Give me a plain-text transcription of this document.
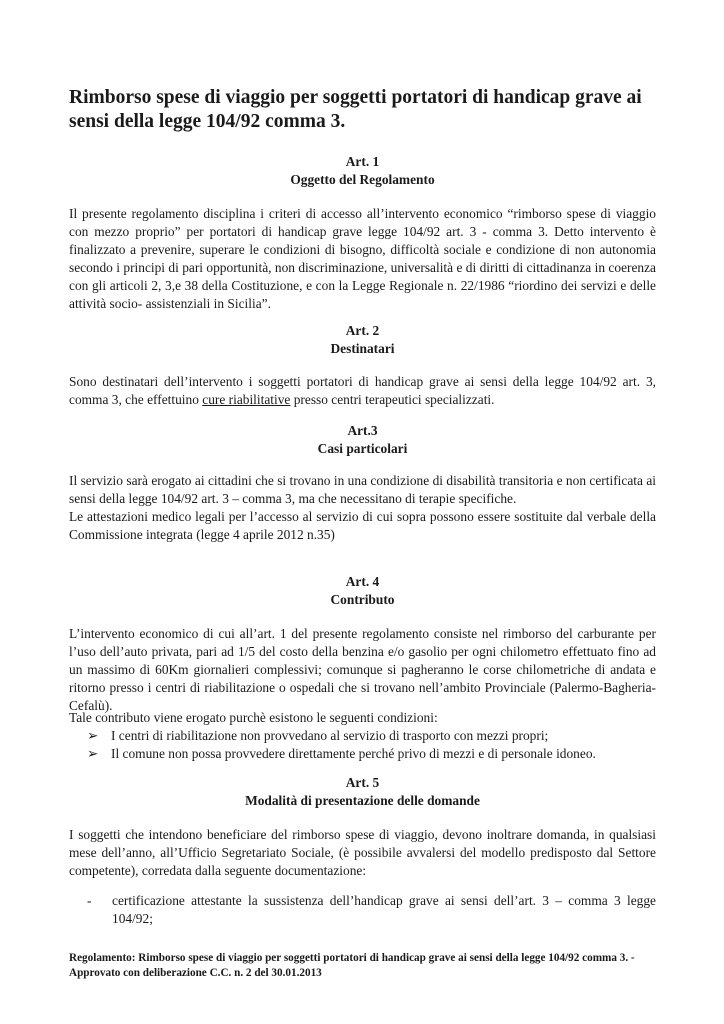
Rimborso spese di viaggio per soggetti portatori di handicap grave ai sensi della legge 104/92 comma 3.
Art. 1
Oggetto del Regolamento

Il presente regolamento disciplina i criteri di accesso all’intervento economico “rimborso spese di viaggio con mezzo proprio” per portatori di handicap grave legge 104/92 art. 3 - comma 3. Detto intervento è finalizzato a prevenire, superare le condizioni di bisogno, difficoltà sociale e condizione di non autonomia secondo i principi di pari opportunità, non discriminazione, universalità e di diritti di cittadinanza in coerenza con gli articoli 2, 3,e 38 della Costituzione, e con la Legge Regionale n. 22/1986 “riordino dei servizi e delle attività socio- assistenziali in Sicilia”.

Art. 2
Destinatari

Sono destinatari dell’intervento i soggetti portatori di handicap grave ai sensi della legge 104/92 art. 3, comma 3, che effettuino cure riabilitative presso centri terapeutici specializzati.

Art.3
Casi particolari

Il servizio sarà erogato ai cittadini che si trovano in una condizione di disabilità transitoria e non certificata ai sensi della legge 104/92 art. 3 – comma 3, ma che necessitano di terapie specifiche.

Le attestazioni medico legali per l’accesso al servizio di cui sopra possono essere sostituite dal verbale della Commissione integrata (legge 4 aprile 2012 n.35)

Art. 4
Contributo

L’intervento economico di cui all’art. 1 del presente regolamento consiste nel rimborso del carburante per l’uso dell’auto privata, pari ad 1/5 del costo della benzina e/o gasolio per ogni chilometro effettuato fino ad un massimo di 60Km giornalieri complessivi; comunque si pagheranno le corse chilometriche di andata e ritorno presso i centri di riabilitazione o ospedali che si trovano nell’ambito Provinciale (Palermo-Bagheria-Cefalù).

Tale contributo viene erogato purchè esistono le seguenti condizioni:

➢ I centri di riabilitazione non provvedano al servizio di trasporto con mezzi propri;
➢ Il comune non possa provvedere direttamente perché privo di mezzi e di personale idoneo.
Art. 5
Modalità di presentazione delle domande

I soggetti che intendono beneficiare del rimborso spese di viaggio, devono inoltrare domanda, in qualsiasi mese dell’anno, all’Ufficio Segretariato Sociale, (è possibile avvalersi del modello predisposto dal Settore competente), corredata dalla seguente documentazione:

- certificazione attestante la sussistenza dell’handicap grave ai sensi dell’art. 3 – comma 3 legge 104/92;

Regolamento: Rimborso spese di viaggio per soggetti portatori di handicap grave ai sensi della legge 104/92 comma 3. - Approvato con deliberazione C.C. n. 2 del 30.01.2013
